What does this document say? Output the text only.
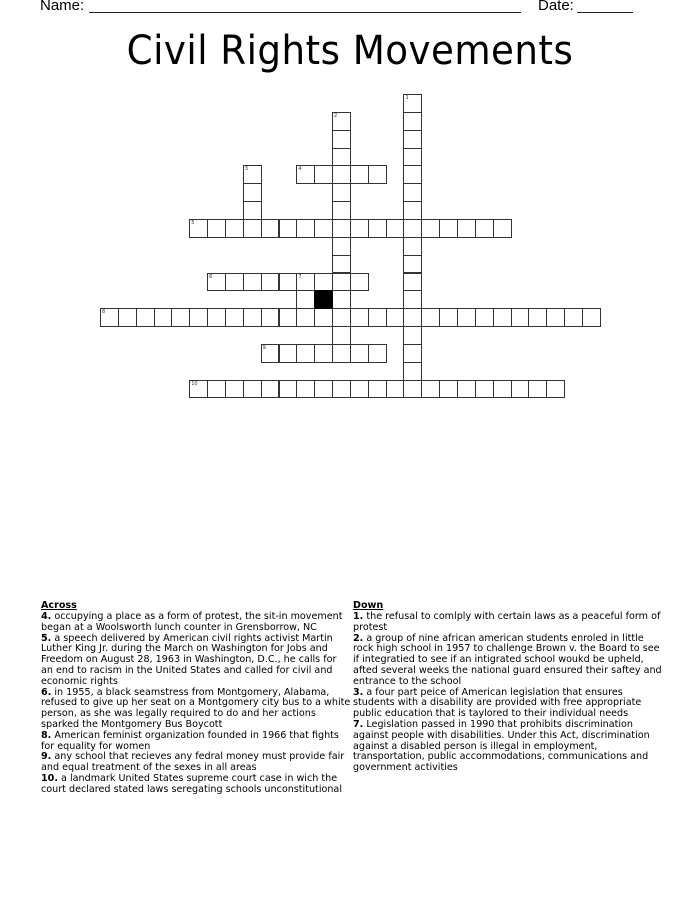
Name:	Date:
Civil Rights Movements
1
2
3	4
5
6	7
8
9
10
Across
4. occupying a place as a form of protest, the sit-in movement began at a Woolsworth lunch counter in Grensborrow, NC
5. a speech delivered by American civil rights activist Martin Luther King Jr. during the March on Washington for Jobs and Freedom on August 28, 1963 in Washington, D.C., he calls for an end to racism in the United States and called for civil and economic rights
6. in 1955, a black seamstress from Montgomery, Alabama, refused to give up her seat on a Montgomery city bus to a white person, as she was legally required to do and her actions sparked the Montgomery Bus Boycott
8. American feminist organization founded in 1966 that fights for equality for women
9. any school that recieves any fedral money must provide fair and equal treatment of the sexes in all areas
10. a landmark United States supreme court case in wich the court declared stated laws seregating schools unconstitutional
Down
1. the refusal to comlply with certain laws as a peaceful form of protest
2. a group of nine african american students enroled in little rock high school in 1957 to challenge Brown v. the Board to see if integratied to see if an intigrated school woukd be upheld, afted several weeks the national guard ensured their saftey and entrance to the school
3. a four part peice of American legislation that ensures students with a disability are provided with free appropriate public education that is taylored to their individual needs
7. Legislation passed in 1990 that prohibits discrimination against people with disabilities. Under this Act, discrimination against a disabled person is illegal in employment, transportation, public accommodations, communications and government activities
